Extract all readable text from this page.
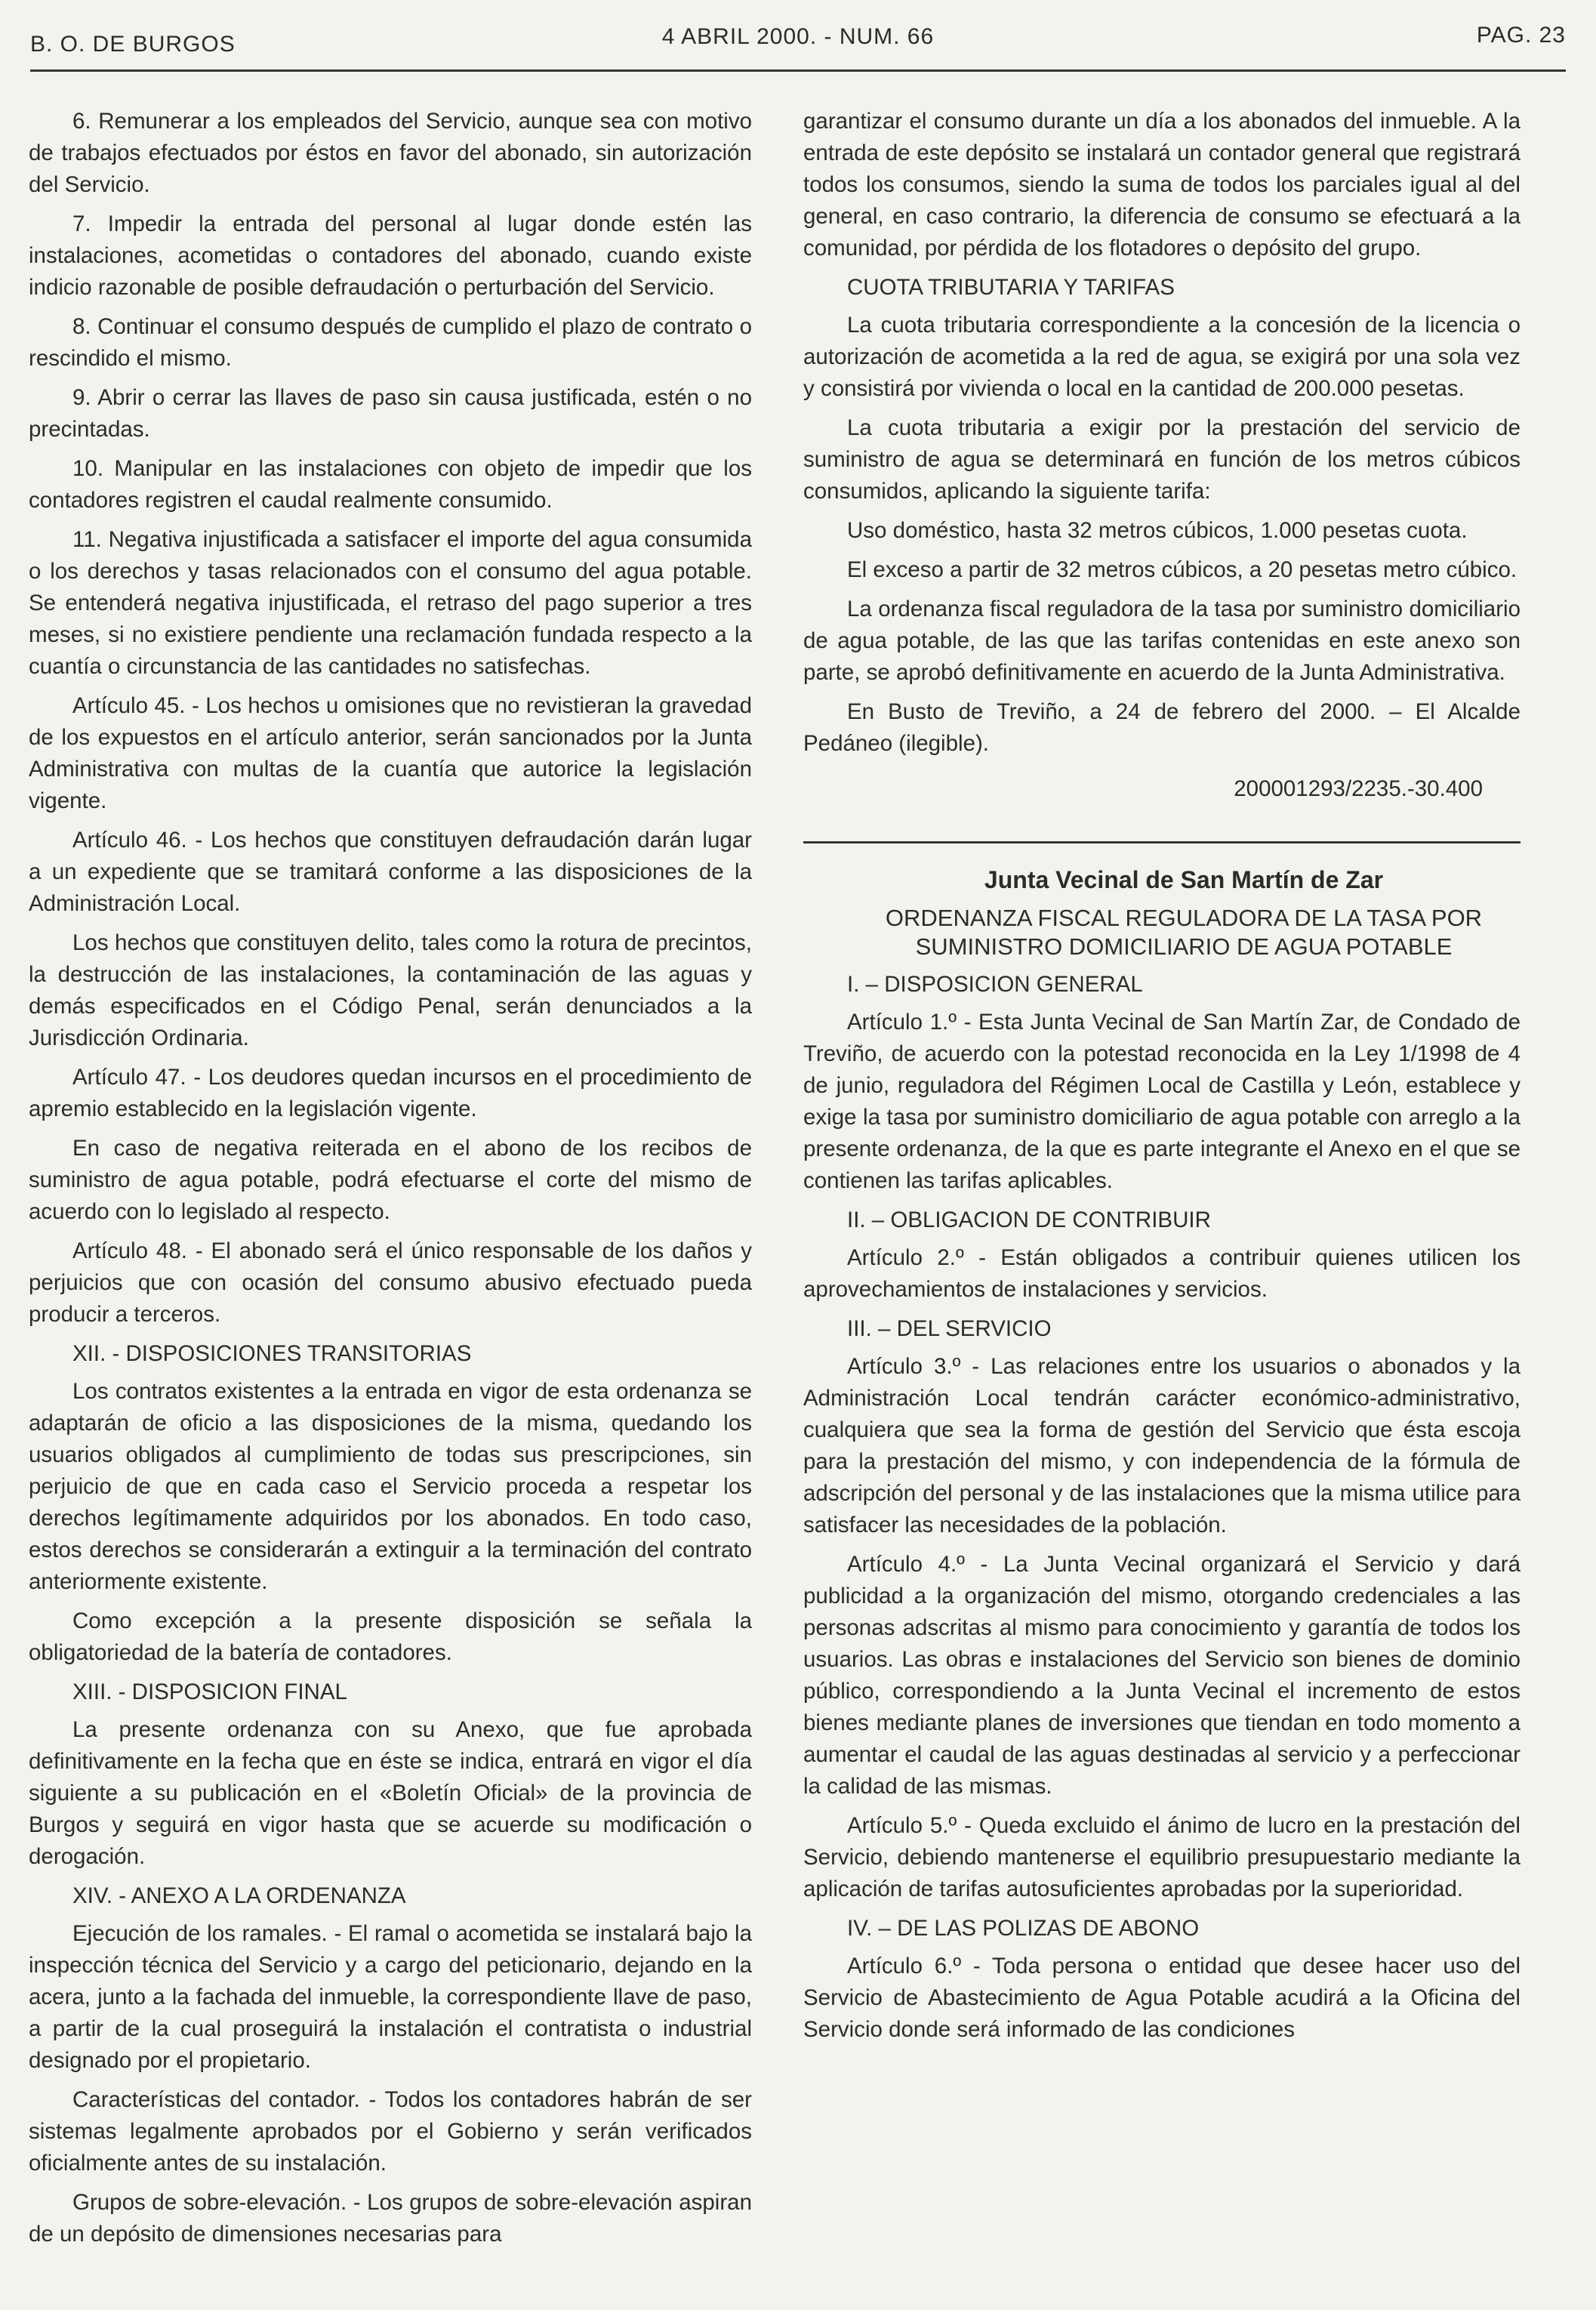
B. O. DE BURGOS	4 ABRIL 2000. - NUM. 66	PAG. 23

6. Remunerar a los empleados del Servicio, aunque sea con motivo de trabajos efectuados por éstos en favor del abonado, sin autorización del Servicio.

7. Impedir la entrada del personal al lugar donde estén las instalaciones, acometidas o contadores del abonado, cuando existe indicio razonable de posible defraudación o perturbación del Servicio.

8. Continuar el consumo después de cumplido el plazo de contrato o rescindido el mismo.

9. Abrir o cerrar las llaves de paso sin causa justificada, estén o no precintadas.

10. Manipular en las instalaciones con objeto de impedir que los contadores registren el caudal realmente consumido.

11. Negativa injustificada a satisfacer el importe del agua consumida o los derechos y tasas relacionados con el consumo del agua potable. Se entenderá negativa injustificada, el retraso del pago superior a tres meses, si no existiere pendiente una reclamación fundada respecto a la cuantía o circunstancia de las cantidades no satisfechas.

Artículo 45. - Los hechos u omisiones que no revistieran la gravedad de los expuestos en el artículo anterior, serán sancionados por la Junta Administrativa con multas de la cuantía que autorice la legislación vigente.

Artículo 46. - Los hechos que constituyen defraudación darán lugar a un expediente que se tramitará conforme a las disposiciones de la Administración Local.

Los hechos que constituyen delito, tales como la rotura de precintos, la destrucción de las instalaciones, la contaminación de las aguas y demás especificados en el Código Penal, serán denunciados a la Jurisdicción Ordinaria.

Artículo 47. - Los deudores quedan incursos en el procedimiento de apremio establecido en la legislación vigente.

En caso de negativa reiterada en el abono de los recibos de suministro de agua potable, podrá efectuarse el corte del mismo de acuerdo con lo legislado al respecto.

Artículo 48. - El abonado será el único responsable de los daños y perjuicios que con ocasión del consumo abusivo efectuado pueda producir a terceros.

XII. - DISPOSICIONES TRANSITORIAS

Los contratos existentes a la entrada en vigor de esta ordenanza se adaptarán de oficio a las disposiciones de la misma, quedando los usuarios obligados al cumplimiento de todas sus prescripciones, sin perjuicio de que en cada caso el Servicio proceda a respetar los derechos legítimamente adquiridos por los abonados. En todo caso, estos derechos se considerarán a extinguir a la terminación del contrato anteriormente existente.

Como excepción a la presente disposición se señala la obligatoriedad de la batería de contadores.

XIII. - DISPOSICION FINAL

La presente ordenanza con su Anexo, que fue aprobada definitivamente en la fecha que en éste se indica, entrará en vigor el día siguiente a su publicación en el «Boletín Oficial» de la provincia de Burgos y seguirá en vigor hasta que se acuerde su modificación o derogación.

XIV. - ANEXO A LA ORDENANZA

Ejecución de los ramales. - El ramal o acometida se instalará bajo la inspección técnica del Servicio y a cargo del peticionario, dejando en la acera, junto a la fachada del inmueble, la correspondiente llave de paso, a partir de la cual proseguirá la instalación el contratista o industrial designado por el propietario.

Características del contador. - Todos los contadores habrán de ser sistemas legalmente aprobados por el Gobierno y serán verificados oficialmente antes de su instalación.

Grupos de sobre-elevación. - Los grupos de sobre-elevación aspiran de un depósito de dimensiones necesarias para

garantizar el consumo durante un día a los abonados del inmueble. A la entrada de este depósito se instalará un contador general que registrará todos los consumos, siendo la suma de todos los parciales igual al del general, en caso contrario, la diferencia de consumo se efectuará a la comunidad, por pérdida de los flotadores o depósito del grupo.

CUOTA TRIBUTARIA Y TARIFAS

La cuota tributaria correspondiente a la concesión de la licencia o autorización de acometida a la red de agua, se exigirá por una sola vez y consistirá por vivienda o local en la cantidad de 200.000 pesetas.

La cuota tributaria a exigir por la prestación del servicio de suministro de agua se determinará en función de los metros cúbicos consumidos, aplicando la siguiente tarifa:

Uso doméstico, hasta 32 metros cúbicos, 1.000 pesetas cuota.

El exceso a partir de 32 metros cúbicos, a 20 pesetas metro cúbico.

La ordenanza fiscal reguladora de la tasa por suministro domiciliario de agua potable, de las que las tarifas contenidas en este anexo son parte, se aprobó definitivamente en acuerdo de la Junta Administrativa.

En Busto de Treviño, a 24 de febrero del 2000. – El Alcalde Pedáneo (ilegible).

200001293/2235.-30.400

Junta Vecinal de San Martín de Zar

ORDENANZA FISCAL REGULADORA DE LA TASA POR
SUMINISTRO DOMICILIARIO DE AGUA POTABLE

I. – DISPOSICION GENERAL

Artículo 1.º - Esta Junta Vecinal de San Martín Zar, de Condado de Treviño, de acuerdo con la potestad reconocida en la Ley 1/1998 de 4 de junio, reguladora del Régimen Local de Castilla y León, establece y exige la tasa por suministro domiciliario de agua potable con arreglo a la presente ordenanza, de la que es parte integrante el Anexo en el que se contienen las tarifas aplicables.

II. – OBLIGACION DE CONTRIBUIR

Artículo 2.º - Están obligados a contribuir quienes utilicen los aprovechamientos de instalaciones y servicios.

III. – DEL SERVICIO

Artículo 3.º - Las relaciones entre los usuarios o abonados y la Administración Local tendrán carácter económico-administrativo, cualquiera que sea la forma de gestión del Servicio que ésta escoja para la prestación del mismo, y con independencia de la fórmula de adscripción del personal y de las instalaciones que la misma utilice para satisfacer las necesidades de la población.

Artículo 4.º - La Junta Vecinal organizará el Servicio y dará publicidad a la organización del mismo, otorgando credenciales a las personas adscritas al mismo para conocimiento y garantía de todos los usuarios. Las obras e instalaciones del Servicio son bienes de dominio público, correspondiendo a la Junta Vecinal el incremento de estos bienes mediante planes de inversiones que tiendan en todo momento a aumentar el caudal de las aguas destinadas al servicio y a perfeccionar la calidad de las mismas.

Artículo 5.º - Queda excluido el ánimo de lucro en la prestación del Servicio, debiendo mantenerse el equilibrio presupuestario mediante la aplicación de tarifas autosuficientes aprobadas por la superioridad.

IV. – DE LAS POLIZAS DE ABONO

Artículo 6.º - Toda persona o entidad que desee hacer uso del Servicio de Abastecimiento de Agua Potable acudirá a la Oficina del Servicio donde será informado de las condiciones
